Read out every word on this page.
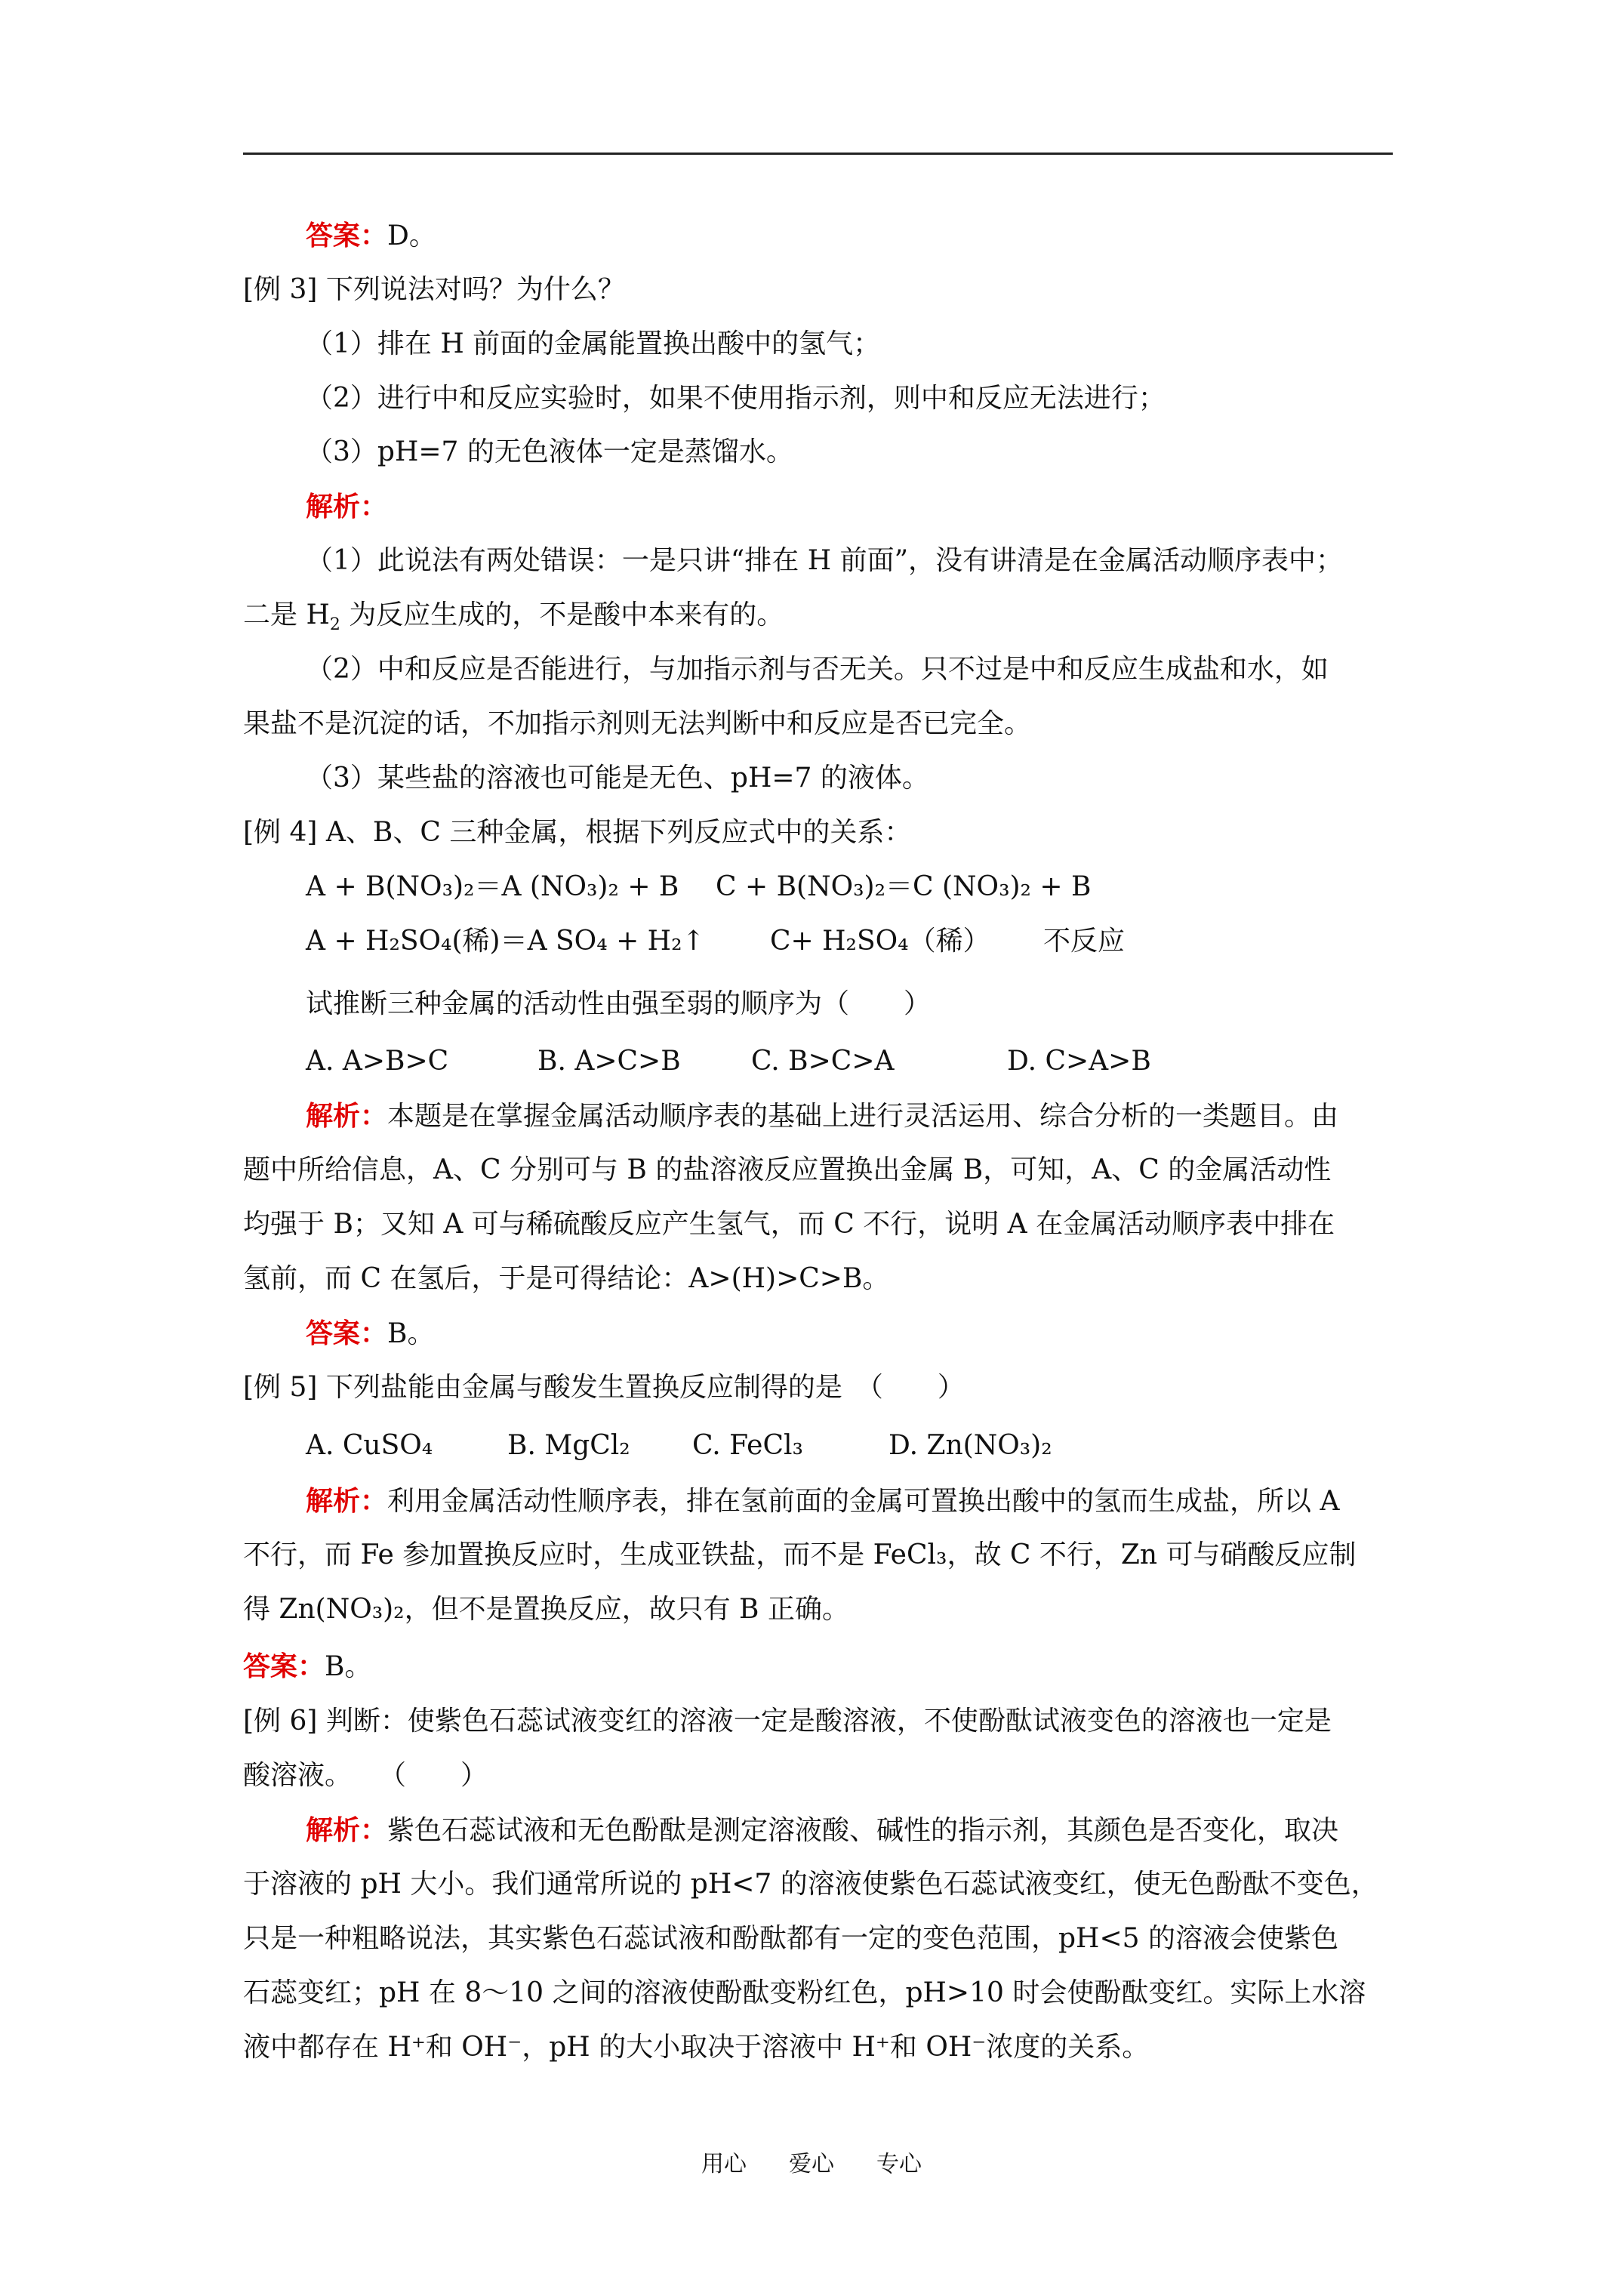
答案：D。
[例 3] 下列说法对吗？为什么？
（1）排在 H 前面的金属能置换出酸中的氢气；
（2）进行中和反应实验时，如果不使用指示剂，则中和反应无法进行；
（3）pH=7 的无色液体一定是蒸馏水。
解析：
（1）此说法有两处错误：一是只讲“排在 H 前面”，没有讲清是在金属活动顺序表中；
二是 $H_2$ 为反应生成的，不是酸中本来有的。
（2）中和反应是否能进行，与加指示剂与否无关。只不过是中和反应生成盐和水，如
果盐不是沉淀的话，不加指示剂则无法判断中和反应是否已完全。
（3）某些盐的溶液也可能是无色、pH=7 的液体。
[例 4] A、B、C 三种金属，根据下列反应式中的关系：
A + B(NO₃)₂＝A (NO₃)₂ + B C + B(NO₃)₂＝C (NO₃)₂ + B
A + H₂SO₄(稀)＝A SO₄ + H₂↑ C+ H₂SO₄（稀） 不反应
试推断三种金属的活动性由强至弱的顺序为（　　）
A. A>B>C	B. A>C>B	C. B>C>A	D. C>A>B
解析：本题是在掌握金属活动顺序表的基础上进行灵活运用、综合分析的一类题目。由
题中所给信息，A、C 分别可与 B 的盐溶液反应置换出金属 B，可知，A、C 的金属活动性
均强于 B；又知 A 可与稀硫酸反应产生氢气，而 C 不行，说明 A 在金属活动顺序表中排在
氢前，而 C 在氢后，于是可得结论：A>(H)>C>B。
答案：B。
[例 5] 下列盐能由金属与酸发生置换反应制得的是　（　　）
A. CuSO₄	B. MgCl₂ C. FeCl₃	D. Zn(NO₃)₂
解析：利用金属活动性顺序表，排在氢前面的金属可置换出酸中的氢而生成盐，所以 A
不行，而 Fe 参加置换反应时，生成亚铁盐，而不是 FeCl₃，故 C 不行，Zn 可与硝酸反应制
得 Zn(NO₃)₂，但不是置换反应，故只有 B 正确。
答案：B。
[例 6] 判断：使紫色石蕊试液变红的溶液一定是酸溶液，不使酚酞试液变色的溶液也一定是
酸溶液。　　（　　）
解析：紫色石蕊试液和无色酚酞是测定溶液酸、碱性的指示剂，其颜色是否变化，取决
于溶液的 pH 大小。我们通常所说的 pH<7 的溶液使紫色石蕊试液变红，使无色酚酞不变色，
只是一种粗略说法，其实紫色石蕊试液和酚酞都有一定的变色范围，pH<5 的溶液会使紫色
石蕊变红；pH 在 8～10 之间的溶液使酚酞变粉红色，pH>10 时会使酚酞变红。实际上水溶
液中都存在 H⁺和 OH⁻，pH 的大小取决于溶液中 H⁺和 OH⁻浓度的关系。
用心 爱心 专心
